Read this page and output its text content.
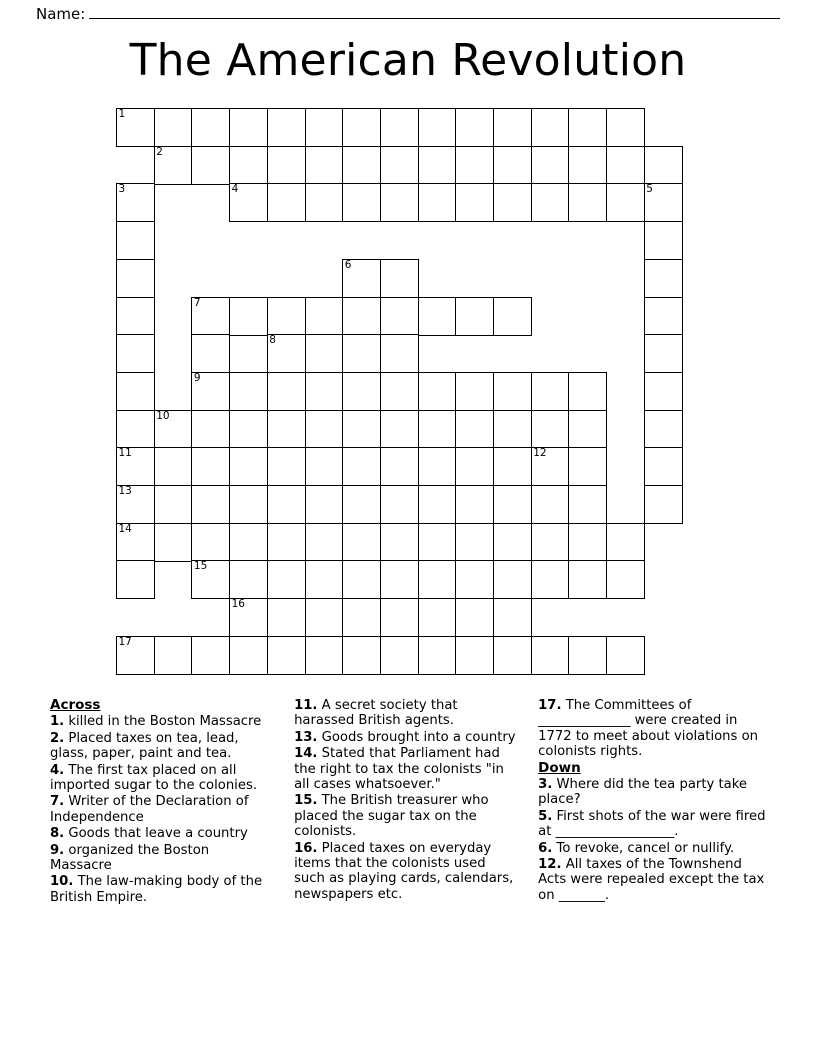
Name:
The American Revolution
1
2
3	4	5
6
7
8
9
10
11	12
13
14
15
16
17
Across
1. killed in the Boston Massacre
2. Placed taxes on tea, lead, glass, paper, paint and tea.
4. The first tax placed on all imported sugar to the colonies.
7. Writer of the Declaration of Independence
8. Goods that leave a country
9. organized the Boston Massacre
10. The law-making body of the British Empire.
11. A secret society that harassed British agents.
13. Goods brought into a country
14. Stated that Parliament had the right to tax the colonists "in all cases whatsoever."
15. The British treasurer who placed the sugar tax on the colonists.
16. Placed taxes on everyday items that the colonists used such as playing cards, calendars, newspapers etc.
17. The Committees of ______________ were created in 1772 to meet about violations on colonists rights.
Down
3. Where did the tea party take place?
5. First shots of the war were fired at __________________.
6. To revoke, cancel or nullify.
12. All taxes of the Townshend Acts were repealed except the tax on _______.
